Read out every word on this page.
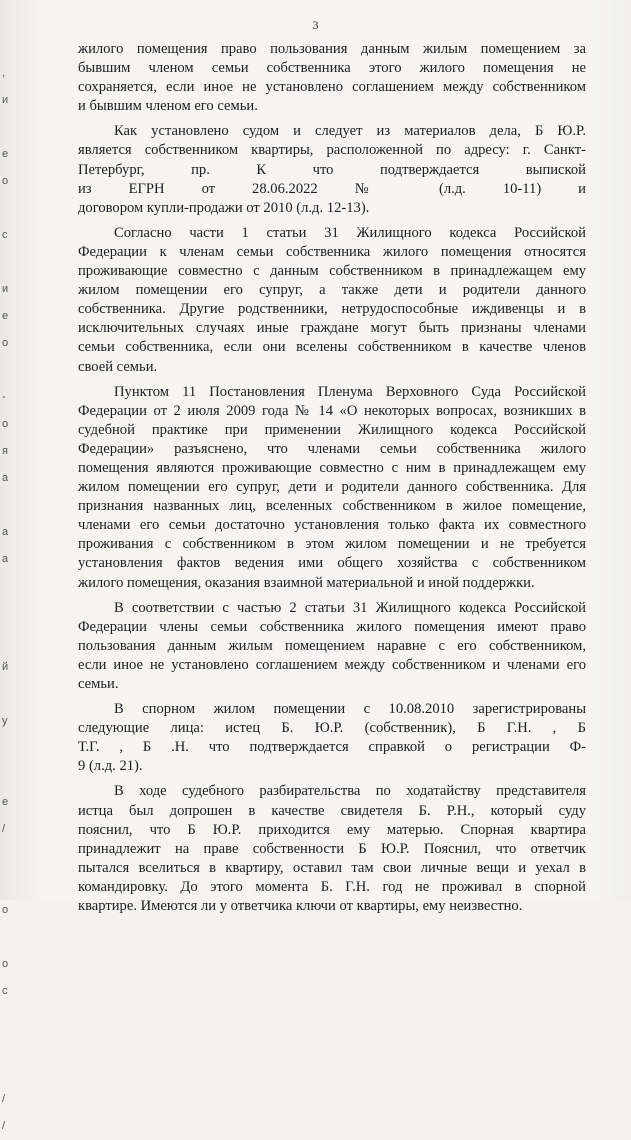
3
,
и
е
о
с
и
е
о
-
о
я
а
а
а
й
у
е
/
о
о
с
/
/
жилого помещения право пользования данным жилым помещением за
бывшим членом семьи собственника этого жилого помещения не
сохраняется, если иное не установлено соглашением между собственником
и бывшим членом его семьи.
Как установлено судом и следует из материалов дела, Б Ю.Р.
является собственником квартиры, расположенной по адресу: г. Санкт-
Петербург, пр. К что подтверждается выпиской
из ЕГРН от 28.06.2022 № (л.д. 10-11) и
договором купли-продажи от 2010 (л.д. 12-13).
Согласно части 1 статьи 31 Жилищного кодекса Российской
Федерации к членам семьи собственника жилого помещения относятся
проживающие совместно с данным собственником в принадлежащем ему
жилом помещении его супруг, а также дети и родители данного
собственника. Другие родственники, нетрудоспособные иждивенцы и в
исключительных случаях иные граждане могут быть признаны членами
семьи собственника, если они вселены собственником в качестве членов
своей семьи.
Пунктом 11 Постановления Пленума Верховного Суда Российской
Федерации от 2 июля 2009 года № 14 «О некоторых вопросах, возникших в
судебной практике при применении Жилищного кодекса Российской
Федерации» разъяснено, что членами семьи собственника жилого
помещения являются проживающие совместно с ним в принадлежащем ему
жилом помещении его супруг, дети и родители данного собственника. Для
признания названных лиц, вселенных собственником в жилое помещение,
членами его семьи достаточно установления только факта их совместного
проживания с собственником в этом жилом помещении и не требуется
установления фактов ведения ими общего хозяйства с собственником
жилого помещения, оказания взаимной материальной и иной поддержки.
В соответствии с частью 2 статьи 31 Жилищного кодекса Российской
Федерации члены семьи собственника жилого помещения имеют право
пользования данным жилым помещением наравне с его собственником,
если иное не установлено соглашением между собственником и членами его
семьи.
В спорном жилом помещении с 10.08.2010 зарегистрированы
следующие лица: истец Б. Ю.Р. (собственник), Б Г.Н. , Б
Т.Г. , Б .Н. что подтверждается справкой о регистрации Ф-
9 (л.д. 21).
В ходе судебного разбирательства по ходатайству представителя
истца был допрошен в качестве свидетеля Б. Р.Н., который суду
пояснил, что Б Ю.Р. приходится ему матерью. Спорная квартира
принадлежит на праве собственности Б Ю.Р. Пояснил, что ответчик
пытался вселиться в квартиру, оставил там свои личные вещи и уехал в
командировку. До этого момента Б. Г.Н. год не проживал в спорной
квартире. Имеются ли у ответчика ключи от квартиры, ему неизвестно.
